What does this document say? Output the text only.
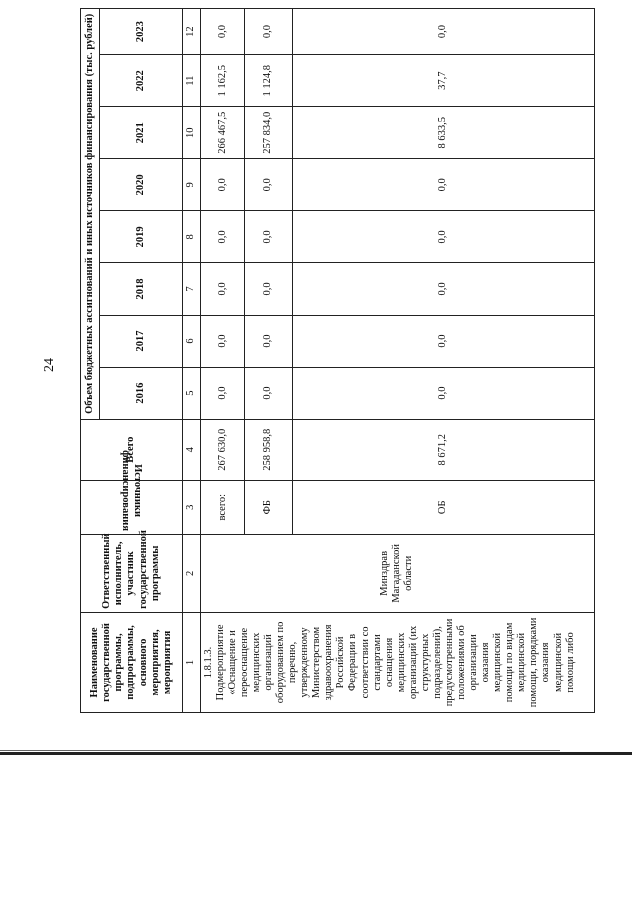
24
Наименование государственной программы, подпрограммы, основного мероприятия, мероприятия	Ответственный исполнитель, участник государственной программы	Источники финансирования	Всего	Объем бюджетных ассигнований и иных источников финансирования (тыс. рублей)							
				2016	2017	2018	2019	2020	2021	2022	2023
1	2	3	4	5	6	7	8	9	10	11	12

1.8.1.3. Подмероприятие «Оснащение и переоснащение медицинских организаций оборудованием по перечню, утвержденному Министерством здравоохранения Российской Федерации в соответствии со стандартами оснащения медицинских организаций (их структурных подразделений), предусмотренными положениями об организации оказания медицинской помощи по видам медицинской помощи, порядками оказания медицинской помощи либо	Минздрав Магаданской области	всего:	267 630,0	0,0	0,0	0,0	0,0	0,0	266 467,5	1 162,5	0,0
		ФБ	258 958,8	0,0	0,0	0,0	0,0	0,0	257 834,0	1 124,8	0,0
		ОБ	8 671,2	0,0	0,0	0,0	0,0	0,0	8 633,5	37,7	0,0
